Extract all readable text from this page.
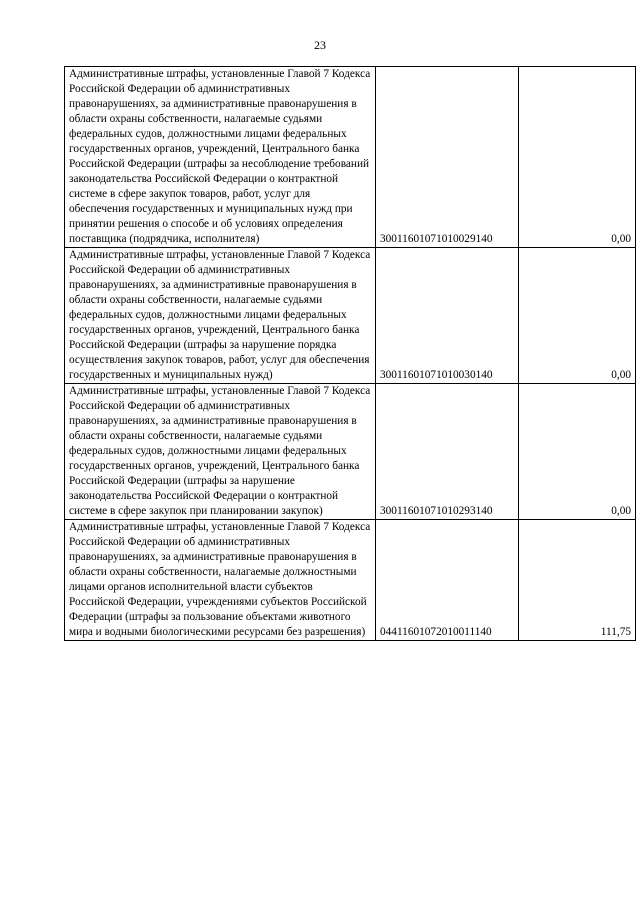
23
Административные штрафы, установленные Главой 7 Кодекса Российской Федерации об административных правонарушениях, за административные правонарушения в области охраны собственности, налагаемые судьями федеральных судов, должностными лицами федеральных государственных органов, учреждений, Центрального банка Российской Федерации (штрафы за несоблюдение требований законодательства Российской Федерации о контрактной системе в сфере закупок товаров, работ, услуг для обеспечения государственных и муниципальных нужд при принятии решения о способе и об условиях определения поставщика (подрядчика, исполнителя)	30011601071010029140	0,00

Административные штрафы, установленные Главой 7 Кодекса Российской Федерации об административных правонарушениях, за административные правонарушения в области охраны собственности, налагаемые судьями федеральных судов, должностными лицами федеральных государственных органов, учреждений, Центрального банка Российской Федерации (штрафы за нарушение порядка осуществления закупок товаров, работ, услуг для обеспечения государственных и муниципальных нужд)	30011601071010030140	0,00

Административные штрафы, установленные Главой 7 Кодекса Российской Федерации об административных правонарушениях, за административные правонарушения в области охраны собственности, налагаемые судьями федеральных судов, должностными лицами федеральных государственных органов, учреждений, Центрального банка Российской Федерации (штрафы за нарушение законодательства Российской Федерации о контрактной системе в сфере закупок при планировании закупок)	30011601071010293140	0,00

Административные штрафы, установленные Главой 7 Кодекса Российской Федерации об административных правонарушениях, за административные правонарушения в области охраны собственности, налагаемые должностными лицами органов исполнительной власти субъектов Российской Федерации, учреждениями субъектов Российской Федерации (штрафы за пользование объектами животного мира и водными биологическими ресурсами без разрешения)	04411601072010011140	111,75
